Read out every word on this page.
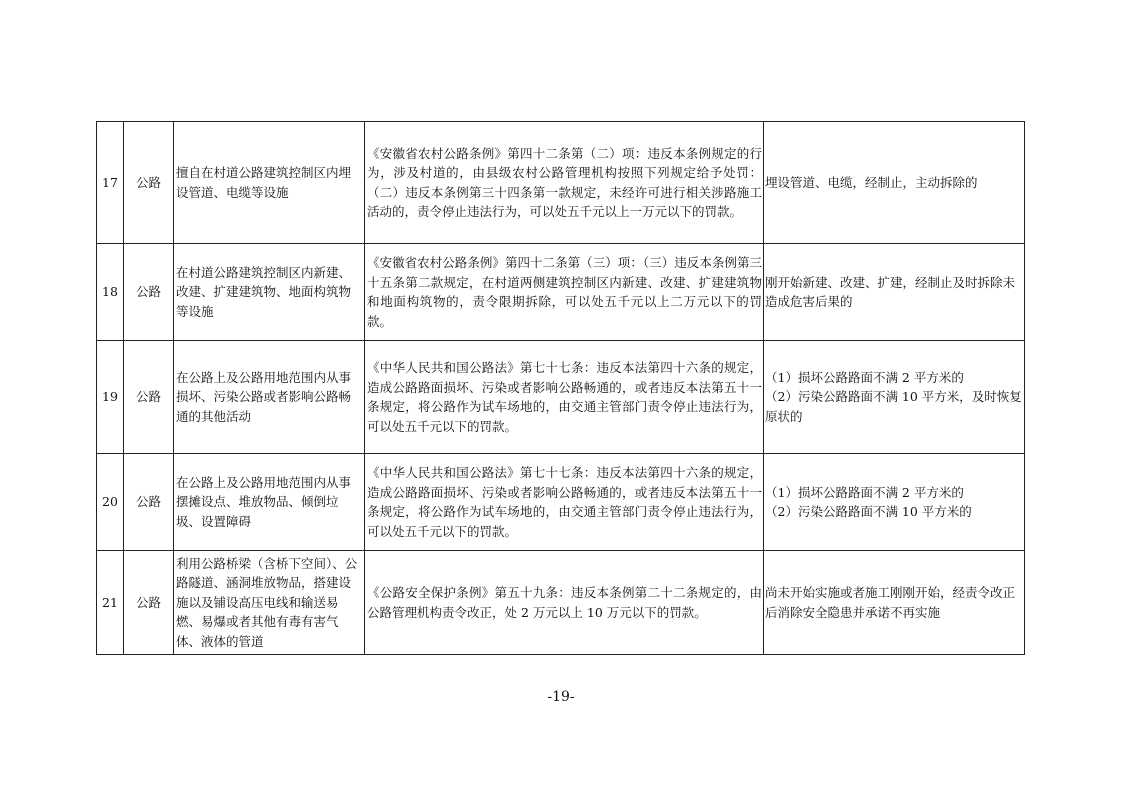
17	公路	擅自在村道公路建筑控制区内埋设管道、电缆等设施	《安徽省农村公路条例》第四十二条第（二）项：违反本条例规定的行为，涉及村道的，由县级农村公路管理机构按照下列规定给予处罚：（二）违反本条例第三十四条第一款规定，未经许可进行相关涉路施工活动的，责令停止违法行为，可以处五千元以上一万元以下的罚款。	埋设管道、电缆，经制止，主动拆除的
18	公路	在村道公路建筑控制区内新建、改建、扩建建筑物、地面构筑物等设施	《安徽省农村公路条例》第四十二条第（三）项：（三）违反本条例第三十五条第二款规定，在村道两侧建筑控制区内新建、改建、扩建建筑物和地面构筑物的，责令限期拆除，可以处五千元以上二万元以下的罚款。	刚开始新建、改建、扩建，经制止及时拆除未造成危害后果的
19	公路	在公路上及公路用地范围内从事损坏、污染公路或者影响公路畅通的其他活动	《中华人民共和国公路法》第七十七条：违反本法第四十六条的规定，造成公路路面损坏、污染或者影响公路畅通的，或者违反本法第五十一条规定，将公路作为试车场地的，由交通主管部门责令停止违法行为，可以处五千元以下的罚款。	（1）损坏公路路面不满 2 平方米的
（2）污染公路路面不满 10 平方米，及时恢复原状的
20	公路	在公路上及公路用地范围内从事摆摊设点、堆放物品、倾倒垃圾、设置障碍	《中华人民共和国公路法》第七十七条：违反本法第四十六条的规定，造成公路路面损坏、污染或者影响公路畅通的，或者违反本法第五十一条规定，将公路作为试车场地的，由交通主管部门责令停止违法行为，可以处五千元以下的罚款。	（1）损坏公路路面不满 2 平方米的
（2）污染公路路面不满 10 平方米的
21	公路	利用公路桥梁（含桥下空间）、公路隧道、涵洞堆放物品，搭建设施以及铺设高压电线和输送易燃、易爆或者其他有毒有害气体、液体的管道	《公路安全保护条例》第五十九条：违反本条例第二十二条规定的，由公路管理机构责令改正，处 2 万元以上 10 万元以下的罚款。	尚未开始实施或者施工刚刚开始，经责令改正后消除安全隐患并承诺不再实施
-19-
